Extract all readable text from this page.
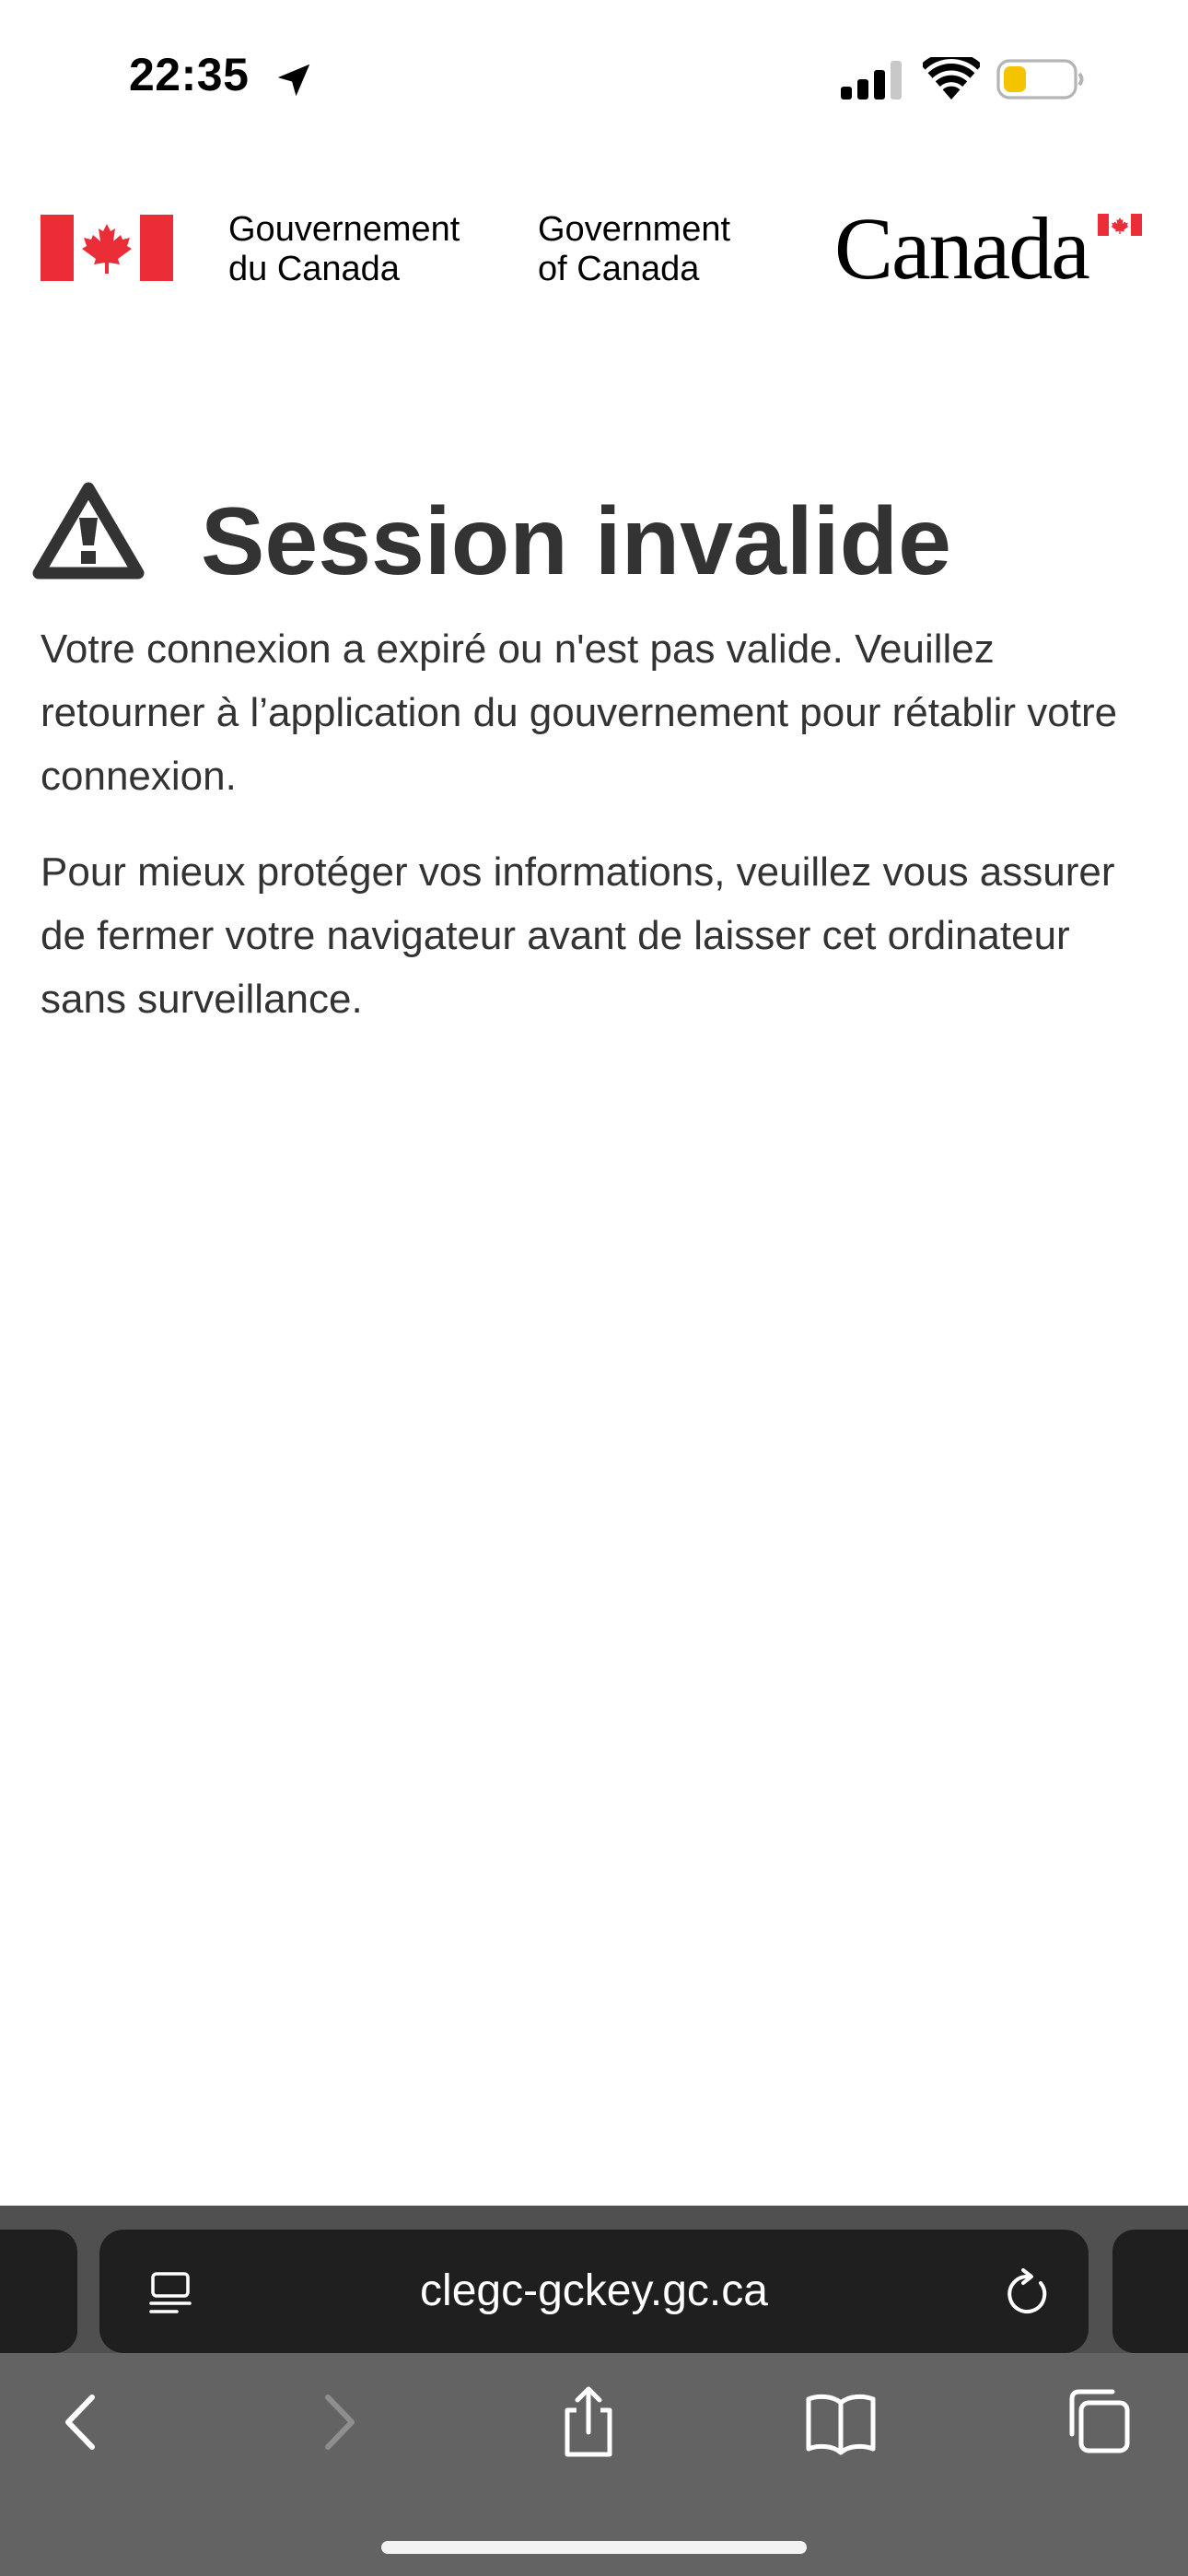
22:35
Gouvernement
du Canada
Government
of Canada	Canada
Session invalide

Votre connexion a expiré ou n'est pas valide. Veuillez retourner à l’application du gouvernement pour rétablir votre connexion.

Pour mieux protéger vos informations, veuillez vous assurer de fermer votre navigateur avant de laisser cet ordinateur sans surveillance.

clegc-gckey.gc.ca
